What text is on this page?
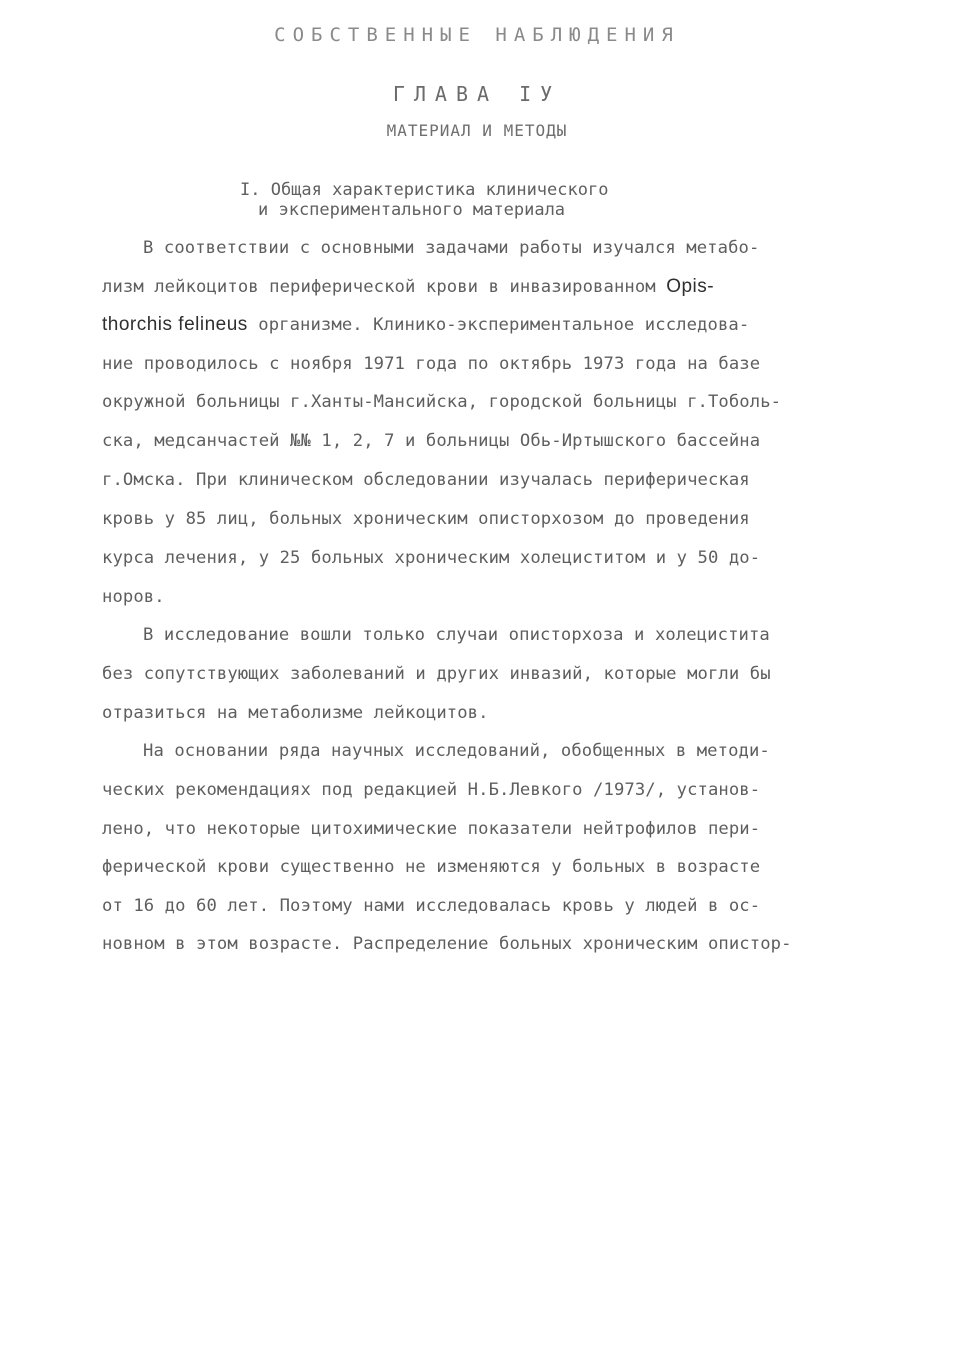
СОБСТВЕННЫЕ НАБЛЮДЕНИЯ
ГЛАВА IУ
МАТЕРИАЛ И МЕТОДЫ
I. Общая характеристика клинического
и экспериментального материала
В соответствии с основными задачами работы изучался метабо-
лизм лейкоцитов периферической крови в инвазированном Opis-
thorchis felineus организме. Клинико-экспериментальное исследова-
ние проводилось с ноября 1971 года по октябрь 1973 года на базе
окружной больницы г.Ханты-Мансийска, городской больницы г.Тоболь-
ска, медсанчастей №№ 1, 2, 7 и больницы Обь-Иртышского бассейна
г.Омска. При клиническом обследовании изучалась периферическая
кровь у 85 лиц, больных хроническим описторхозом до проведения
курса лечения, у 25 больных хроническим холециститом и у 50 до-
норов.
В исследование вошли только случаи описторхоза и холецистита
без сопутствующих заболеваний и других инвазий, которые могли бы
отразиться на метаболизме лейкоцитов.
На основании ряда научных исследований, обобщенных в методи-
ческих рекомендациях под редакцией Н.Б.Левкого /1973/, установ-
лено, что некоторые цитохимические показатели нейтрофилов пери-
ферической крови существенно не изменяются у больных в возрасте
от 16 до 60 лет. Поэтому нами исследовалась кровь у людей в ос-
новном в этом возрасте. Распределение больных хроническим опистор-
